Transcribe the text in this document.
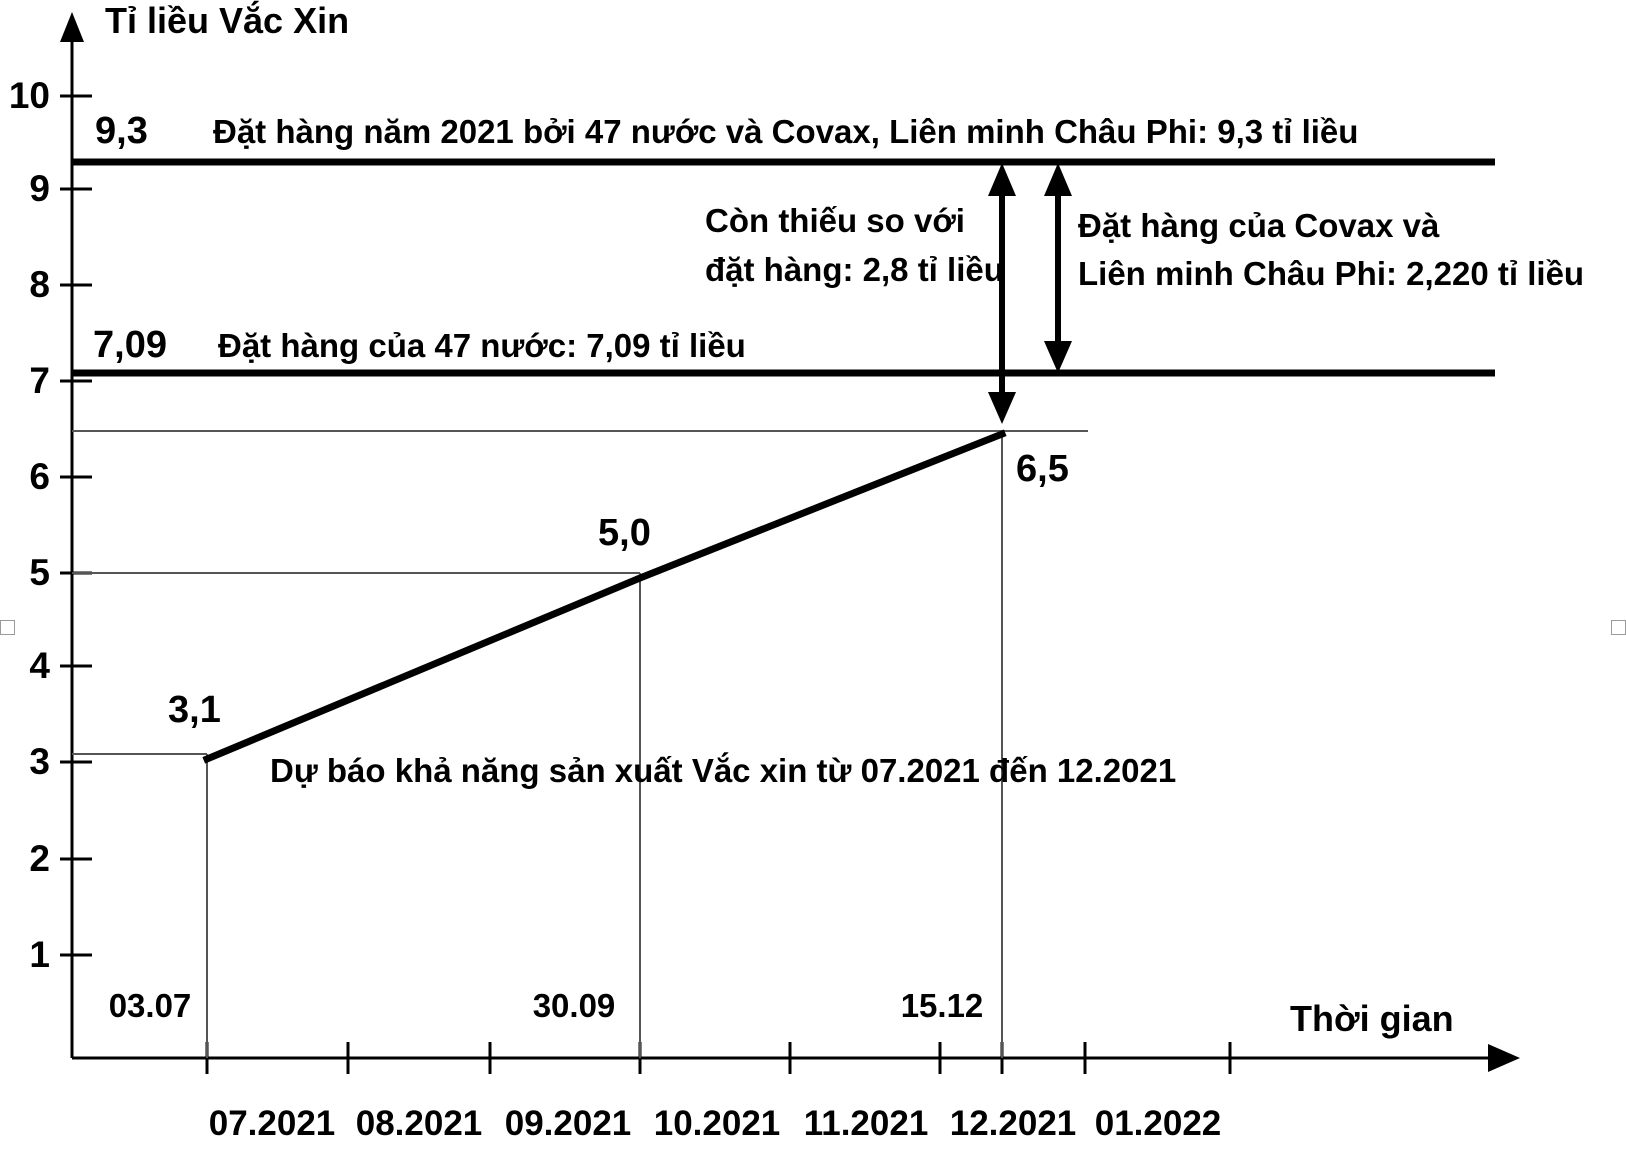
10
9
8
7
6
5
4
3
2
1
07.2021 08.2021 09.2021 10.2021 11.2021 12.2021 01.2022
Tỉ liều Vắc Xin
Thời gian
9,3 Đặt hàng năm 2021 bởi 47 nước và Covax, Liên minh Châu Phi: 9,3 tỉ liều
7,09 Đặt hàng của 47 nước: 7,09 tỉ liều
3,1
5,0
6,5
03.07	30.09	15.12
Còn thiếu so với
đặt hàng: 2,8 tỉ liều
Đặt hàng của Covax và
Liên minh Châu Phi: 2,220 tỉ liều
Dự báo khả năng sản xuất Vắc xin từ 07.2021 đến 12.2021
